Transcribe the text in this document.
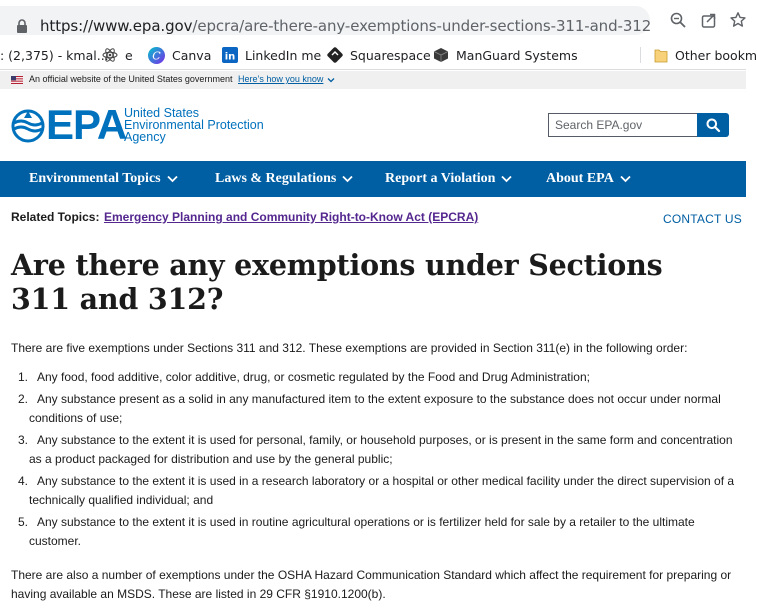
https://www.epa.gov/epcra/are-there-any-exemptions-under-sections-311-and-312
: (2,375) - kmal... e C Canva in LinkedIn me Squarespace ManGuard Systems	Other bookm
An official website of the United States government Here’s how you know
EPA
United States
Environmental Protection
Agency
Search EPA.gov
Environmental Topics	Laws & Regulations	Report a Violation	About EPA
Related Topics: Emergency Planning and Community Right-to-Know Act (EPCRA)	CONTACT US
Are there any exemptions under Sections 311 and 312?

There are five exemptions under Sections 311 and 312. These exemptions are provided in Section 311(e) in the following order:

1. Any food, food additive, color additive, drug, or cosmetic regulated by the Food and Drug Administration;
2. Any substance present as a solid in any manufactured item to the extent exposure to the substance does not occur under normal conditions of use;
3. Any substance to the extent it is used for personal, family, or household purposes, or is present in the same form and concentration as a product packaged for distribution and use by the general public;
4. Any substance to the extent it is used in a research laboratory or a hospital or other medical facility under the direct supervision of a technically qualified individual; and
5. Any substance to the extent it is used in routine agricultural operations or is fertilizer held for sale by a retailer to the ultimate customer.

There are also a number of exemptions under the OSHA Hazard Communication Standard which affect the requirement for preparing or having available an MSDS. These are listed in 29 CFR §1910.1200(b).
